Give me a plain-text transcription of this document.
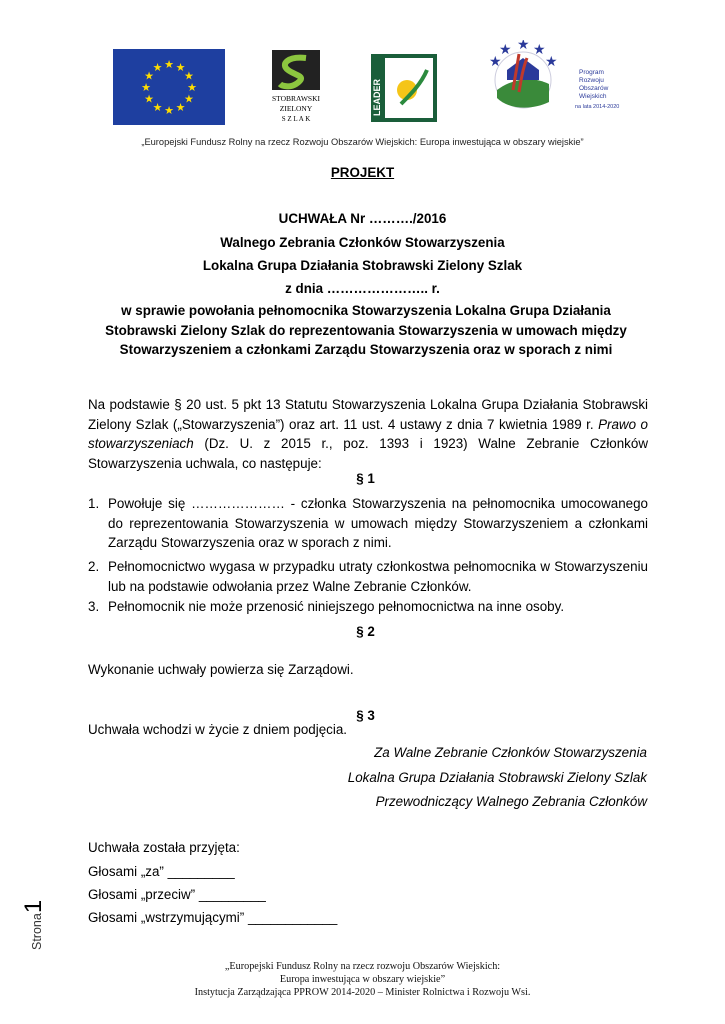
★ ★
★
★
★
★
★
★
★
★
★
★
STOBRAWSKI
ZIELONY
S Z L A K
LEADER
★ ★
★
★
★
Program
Rozwoju
Obszarów
Wiejskich
na lata 2014-2020
„Europejski Fundusz Rolny na rzecz Rozwoju Obszarów Wiejskich: Europa inwestująca w obszary wiejskie”
PROJEKT
UCHWAŁA Nr ………./2016
Walnego Zebrania Członków Stowarzyszenia
Lokalna Grupa Działania Stobrawski Zielony Szlak
z dnia ………………….. r.
w sprawie powołania pełnomocnika Stowarzyszenia Lokalna Grupa Działania Stobrawski Zielony Szlak do reprezentowania Stowarzyszenia w umowach między Stowarzyszeniem a członkami Zarządu Stowarzyszenia oraz w sporach z nimi
Na podstawie § 20 ust. 5 pkt 13 Statutu Stowarzyszenia Lokalna Grupa Działania Stobrawski Zielony Szlak („Stowarzyszenia”) oraz art. 11 ust. 4 ustawy z dnia 7 kwietnia 1989 r. Prawo o stowarzyszeniach (Dz. U. z 2015 r., poz. 1393 i 1923) Walne Zebranie Członków Stowarzyszenia uchwala, co następuje:
§ 1
1. Powołuje się ………………… - członka Stowarzyszenia na pełnomocnika umocowanego do reprezentowania Stowarzyszenia w umowach między Stowarzyszeniem a członkami Zarządu Stowarzyszenia oraz w sporach z nimi.
2. Pełnomocnictwo wygasa w przypadku utraty członkostwa pełnomocnika w Stowarzyszeniu lub na podstawie odwołania przez Walne Zebranie Członków.
3. Pełnomocnik nie może przenosić niniejszego pełnomocnictwa na inne osoby.
§ 2
Wykonanie uchwały powierza się Zarządowi.
§ 3
Uchwała wchodzi w życie z dniem podjęcia.
Za Walne Zebranie Członków Stowarzyszenia
Lokalna Grupa Działania Stobrawski Zielony Szlak
Przewodniczący Walnego Zebrania Członków
Uchwała została przyjęta:
Głosami „za” _________
Głosami „przeciw” _________
Głosami „wstrzymującymi” ____________
Strona1
„Europejski Fundusz Rolny na rzecz rozwoju Obszarów Wiejskich:
Europa inwestująca w obszary wiejskie”
Instytucja Zarządzająca PPROW 2014-2020 – Minister Rolnictwa i Rozwoju Wsi.
